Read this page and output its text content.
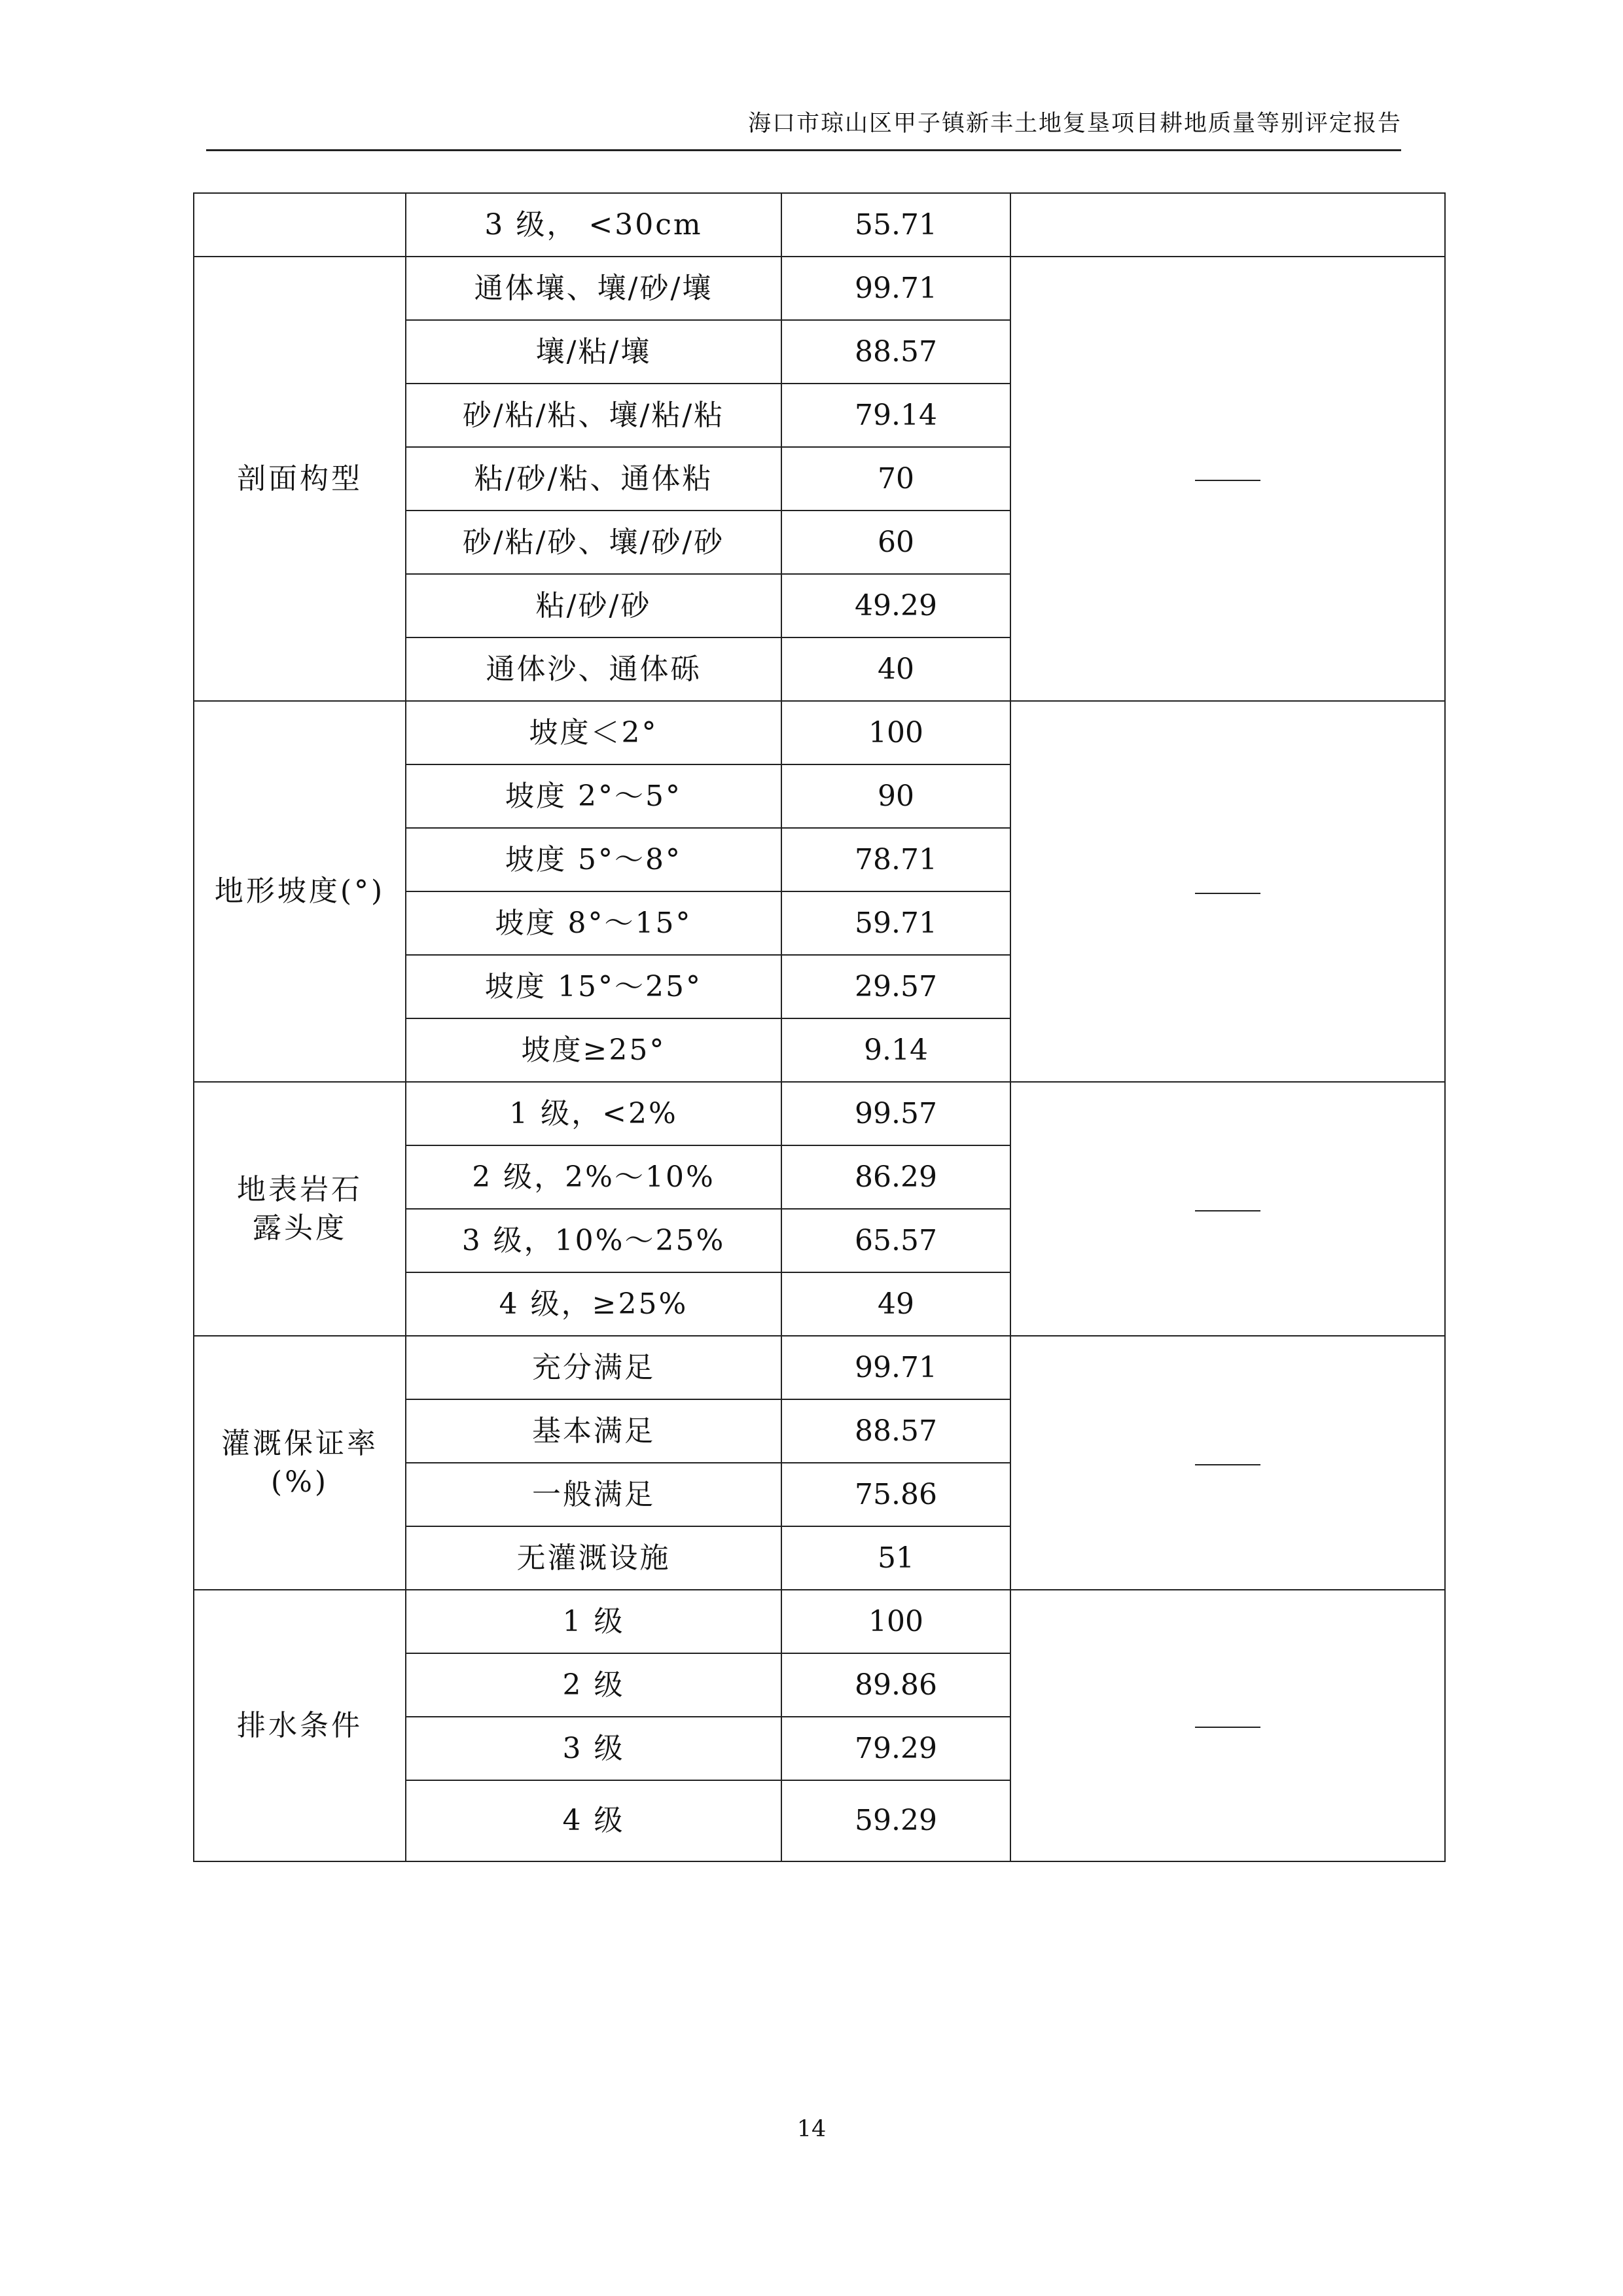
海口市琼山区甲子镇新丰土地复垦项目耕地质量等别评定报告
	3 级， <30cm	55.71	

剖面构型	通体壤、壤/砂/壤	99.71	
	壤/粘/壤	88.57	
	砂/粘/粘、壤/粘/粘	79.14	
	粘/砂/粘、通体粘	70	
	砂/粘/砂、壤/砂/砂	60	
	粘/砂/砂	49.29	
	通体沙、通体砾	40	

地形坡度(°)	坡度＜2°	100	
	坡度 2°～5°	90	
	坡度 5°～8°	78.71	
	坡度 8°～15°	59.71	
	坡度 15°～25°	29.57	
	坡度≥25°	9.14	

地表岩石
露头度	1 级，<2%	99.57	
	2 级，2%～10%	86.29	
	3 级，10%～25%	65.57	
	4 级，≥25%	49	

灌溉保证率
(%)	充分满足	99.71	
	基本满足	88.57	
	一般满足	75.86	
	无灌溉设施	51	

排水条件	1 级	100	
	2 级	89.86	
	3 级	79.29	
	4 级	59.29	
14
